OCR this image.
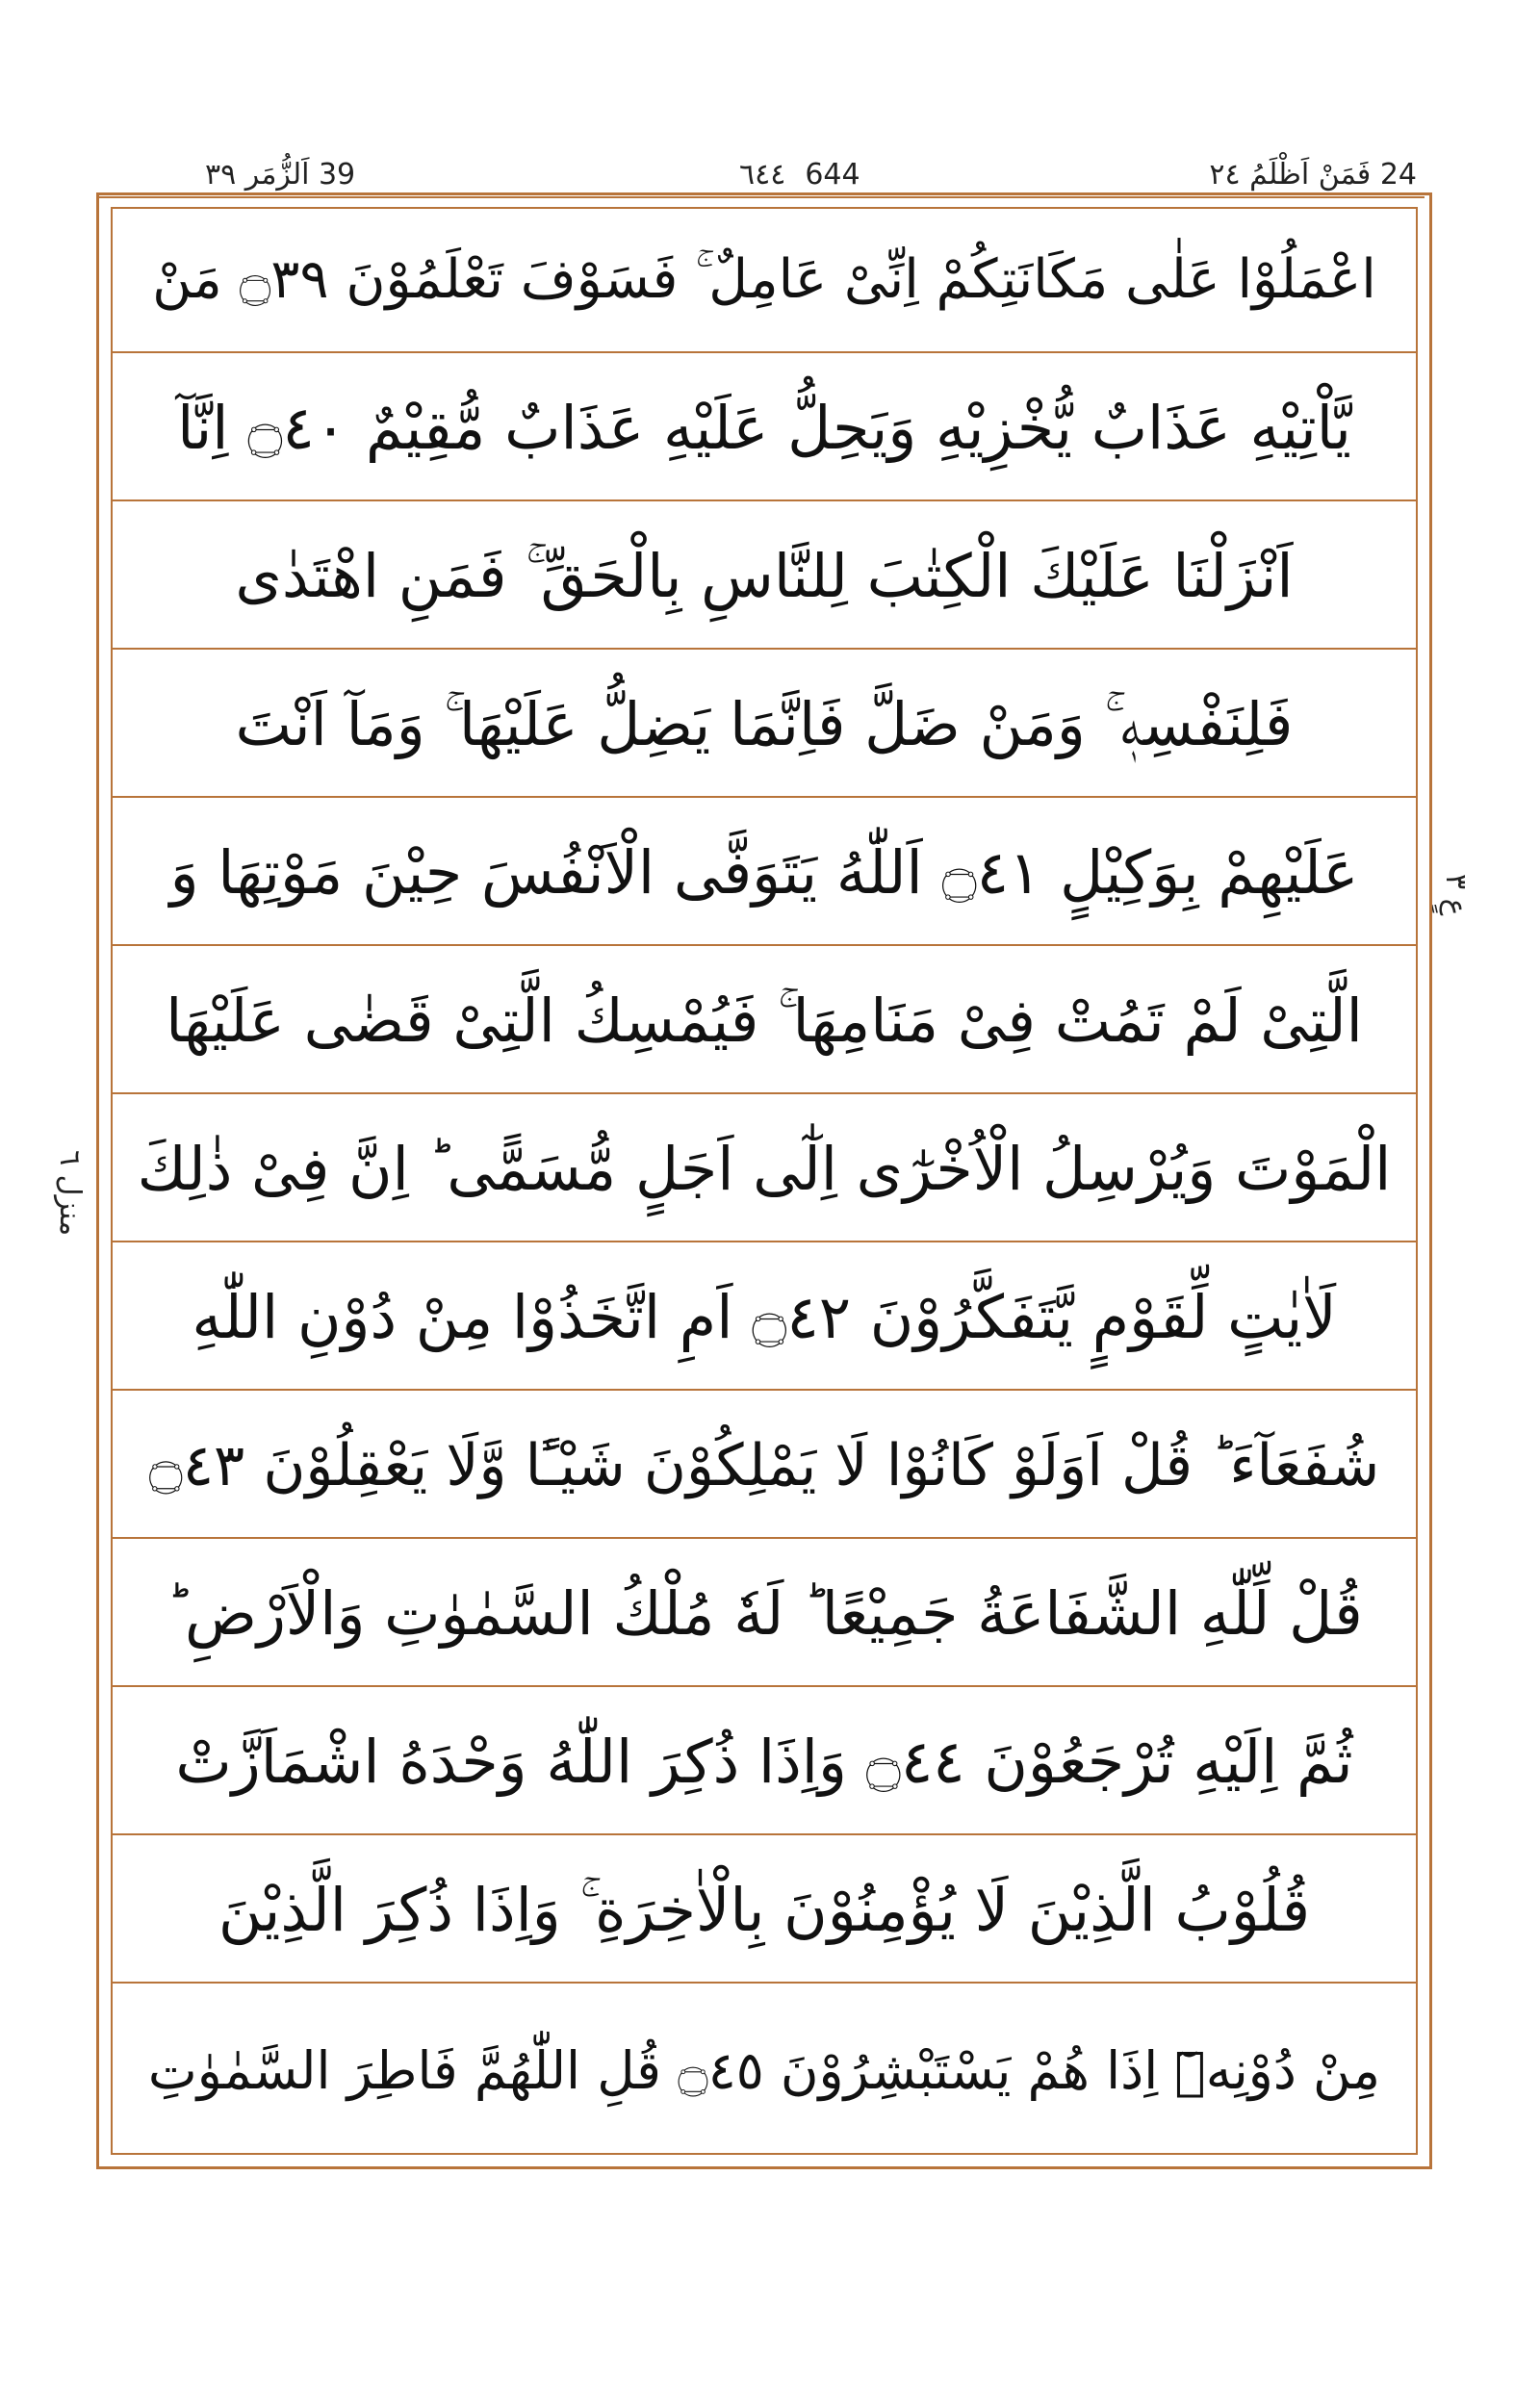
24 فَمَنْ اَظْلَمُ ٢٤
٦٤٤ 644
39 اَلزُّمَر ٣٩
منزل ٦
عٍ ۳
اعْمَلُوْا عَلٰى مَكَانَتِكُمْ اِنِّىْ عَامِلٌ ۚ فَسَوْفَ تَعْلَمُوْنَ ۝٣٩ مَنْ
يَّاْتِيْهِ عَذَابٌ يُّخْزِيْهِ وَيَحِلُّ عَلَيْهِ عَذَابٌ مُّقِيْمٌ ۝٤٠ اِنَّآ
اَنْزَلْنَا عَلَيْكَ الْكِتٰبَ لِلنَّاسِ بِالْحَقِّ ۚ فَمَنِ اهْتَدٰى
فَلِنَفْسِهٖ ۚ وَمَنْ ضَلَّ فَاِنَّمَا يَضِلُّ عَلَيْهَا ۚ وَمَآ اَنْتَ
عَلَيْهِمْ بِوَكِيْلٍ ۝٤١ اَللّٰهُ يَتَوَفَّى الْاَنْفُسَ حِيْنَ مَوْتِهَا وَ
الَّتِىْ لَمْ تَمُتْ فِىْ مَنَامِهَا ۚ فَيُمْسِكُ الَّتِىْ قَضٰى عَلَيْهَا
الْمَوْتَ وَيُرْسِلُ الْاُخْرٰٓى اِلٰٓى اَجَلٍ مُّسَمًّى ؕ اِنَّ فِىْ ذٰلِكَ
لَاٰيٰتٍ لِّقَوْمٍ يَّتَفَكَّرُوْنَ ۝٤٢ اَمِ اتَّخَذُوْا مِنْ دُوْنِ اللّٰهِ
شُفَعَآءَ ؕ قُلْ اَوَلَوْ كَانُوْا لَا يَمْلِكُوْنَ شَيْـًٔا وَّلَا يَعْقِلُوْنَ ۝٤٣
قُلْ لِّلّٰهِ الشَّفَاعَةُ جَمِيْعًا ؕ لَهٗ مُلْكُ السَّمٰوٰتِ وَالْاَرْضِ ؕ
ثُمَّ اِلَيْهِ تُرْجَعُوْنَ ۝٤٤ وَاِذَا ذُكِرَ اللّٰهُ وَحْدَهُ اشْمَاَزَّتْ
قُلُوْبُ الَّذِيْنَ لَا يُؤْمِنُوْنَ بِالْاٰخِرَةِ ۚ وَاِذَا ذُكِرَ الَّذِيْنَ
مِنْ دُوْنِهٖٓ اِذَا هُمْ يَسْتَبْشِرُوْنَ ۝٤٥ قُلِ اللّٰهُمَّ فَاطِرَ السَّمٰوٰتِ
